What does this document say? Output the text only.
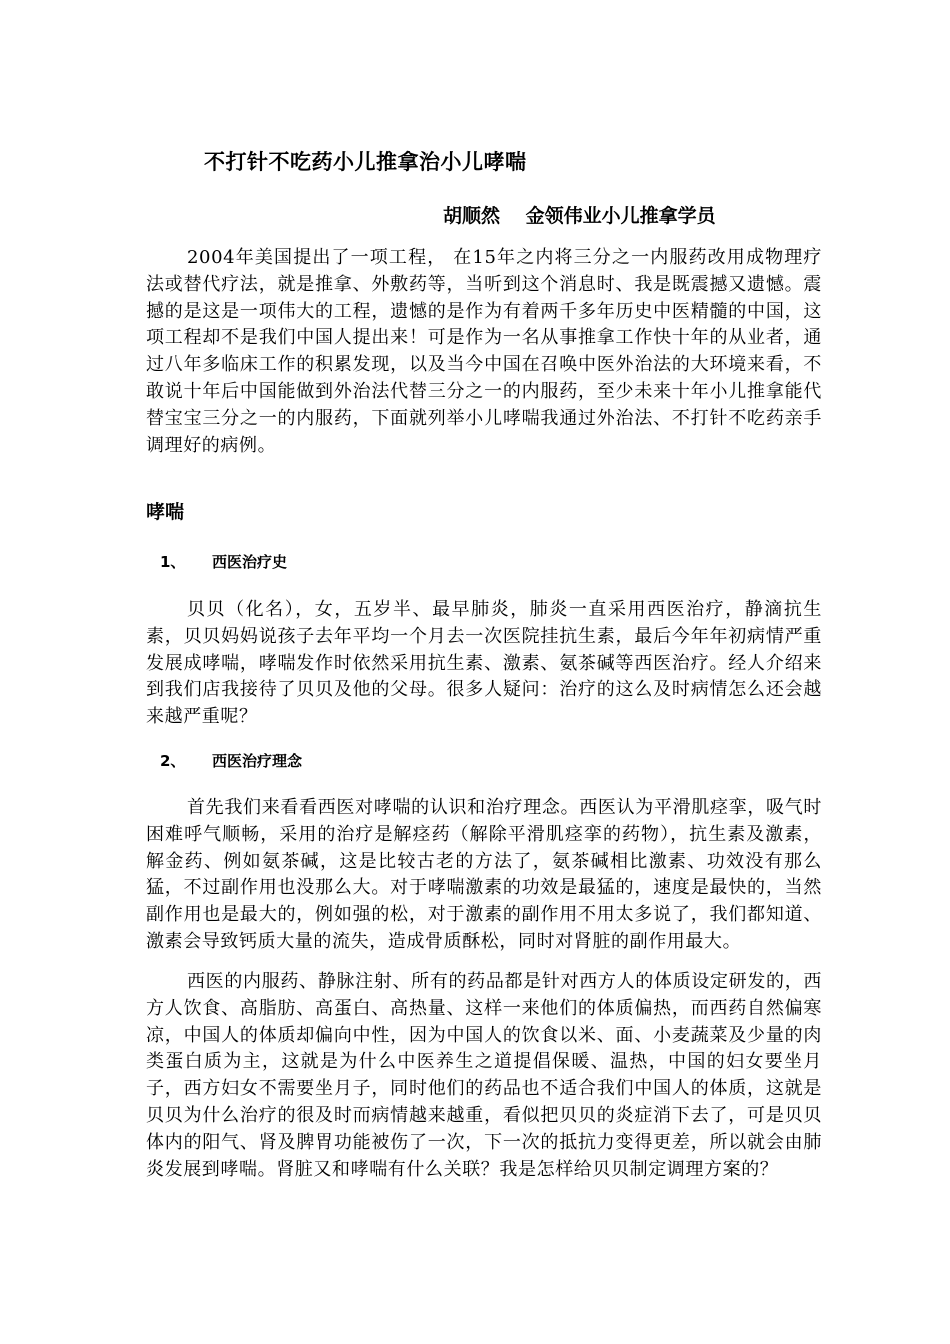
不打针不吃药小儿推拿治小儿哮喘
胡顺然　 金领伟业小儿推拿学员

2004年美国提出了一项工程， 在15年之内将三分之一内服药改用成物理疗法或替代疗法，就是推拿、外敷药等，当听到这个消息时、我是既震撼又遗憾。震撼的是这是一项伟大的工程，遗憾的是作为有着两千多年历史中医精髓的中国，这项工程却不是我们中国人提出来！可是作为一名从事推拿工作快十年的从业者，通过八年多临床工作的积累发现，以及当今中国在召唤中医外治法的大环境来看，不敢说十年后中国能做到外治法代替三分之一的内服药，至少未来十年小儿推拿能代替宝宝三分之一的内服药，下面就列举小儿哮喘我通过外治法、不打针不吃药亲手调理好的病例。

哮喘
1、 西医治疗史

贝贝（化名），女，五岁半、最早肺炎，肺炎一直采用西医治疗，静滴抗生素，贝贝妈妈说孩子去年平均一个月去一次医院挂抗生素，最后今年年初病情严重发展成哮喘，哮喘发作时依然采用抗生素、激素、氨茶碱等西医治疗。经人介绍来到我们店我接待了贝贝及他的父母。很多人疑问：治疗的这么及时病情怎么还会越来越严重呢？

2、 西医治疗理念

首先我们来看看西医对哮喘的认识和治疗理念。西医认为平滑肌痉挛，吸气时困难呼气顺畅，采用的治疗是解痉药（解除平滑肌痉挛的药物），抗生素及激素，解金药、例如氨茶碱，这是比较古老的方法了，氨茶碱相比激素、功效没有那么猛，不过副作用也没那么大。对于哮喘激素的功效是最猛的，速度是最快的，当然副作用也是最大的，例如强的松，对于激素的副作用不用太多说了，我们都知道、激素会导致钙质大量的流失，造成骨质酥松，同时对肾脏的副作用最大。

西医的内服药、静脉注射、所有的药品都是针对西方人的体质设定研发的，西方人饮食、高脂肪、高蛋白、高热量、这样一来他们的体质偏热，而西药自然偏寒凉，中国人的体质却偏向中性，因为中国人的饮食以米、面、小麦蔬菜及少量的肉类蛋白质为主，这就是为什么中医养生之道提倡保暖、温热，中国的妇女要坐月子，西方妇女不需要坐月子，同时他们的药品也不适合我们中国人的体质，这就是贝贝为什么治疗的很及时而病情越来越重，看似把贝贝的炎症消下去了，可是贝贝体内的阳气、肾及脾胃功能被伤了一次，下一次的抵抗力变得更差，所以就会由肺炎发展到哮喘。肾脏又和哮喘有什么关联？我是怎样给贝贝制定调理方案的？
